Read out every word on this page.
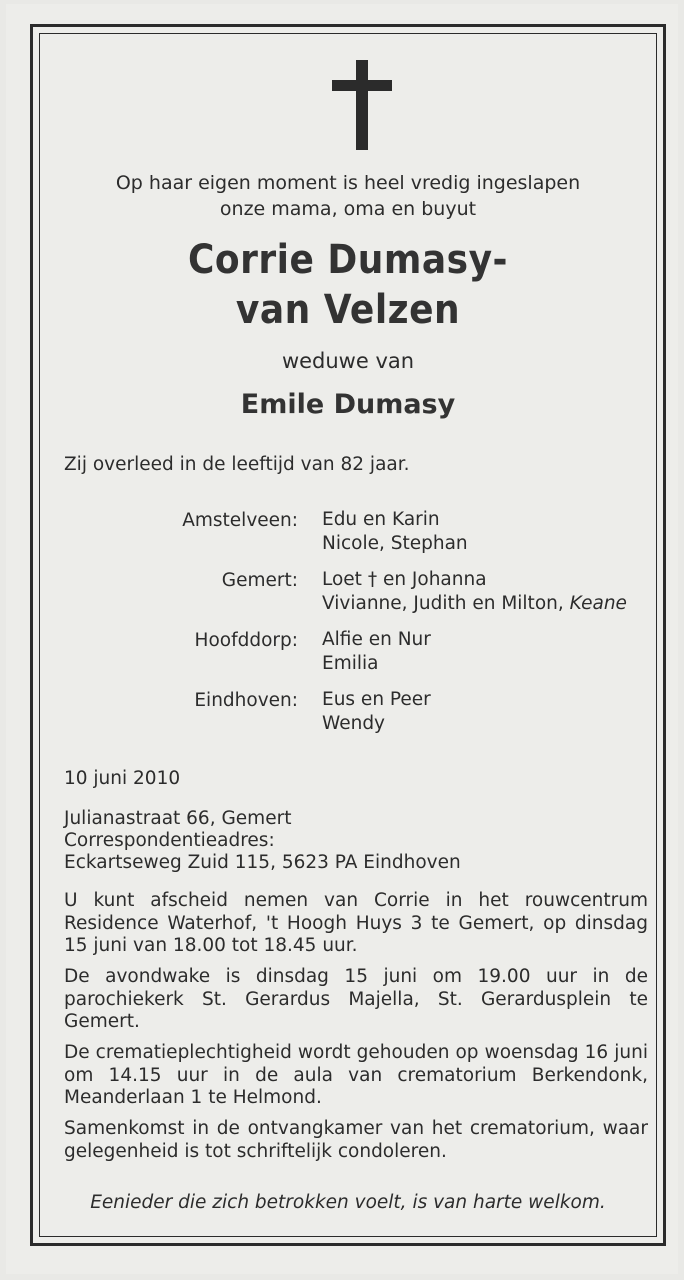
Op haar eigen moment is heel vredig ingeslapen
onze mama, oma en buyut
Corrie Dumasy-
van Velzen
weduwe van
Emile Dumasy
Zij overleed in de leeftijd van 82 jaar.
Amstelveen: Edu en Karin
Nicole, Stephan
Gemert: Loet † en Johanna
Vivianne, Judith en Milton, Keane
Hoofddorp: Alfie en Nur
Emilia
Eindhoven: Eus en Peer
Wendy
10 juni 2010
Julianastraat 66, Gemert
Correspondentieadres:
Eckartseweg Zuid 115, 5623 PA Eindhoven
U kunt afscheid nemen van Corrie in het rouwcentrum Residence Waterhof, 't Hoogh Huys 3 te Gemert, op dinsdag 15 juni van 18.00 tot 18.45 uur.
De avondwake is dinsdag 15 juni om 19.00 uur in de parochiekerk St. Gerardus Majella, St. Gerardusplein te Gemert.
De crematieplechtigheid wordt gehouden op woensdag 16 juni om 14.15 uur in de aula van crematorium Berkendonk, Meanderlaan 1 te Helmond.
Samenkomst in de ontvangkamer van het crematorium, waar gelegenheid is tot schriftelijk condoleren.
Eenieder die zich betrokken voelt, is van harte welkom.
